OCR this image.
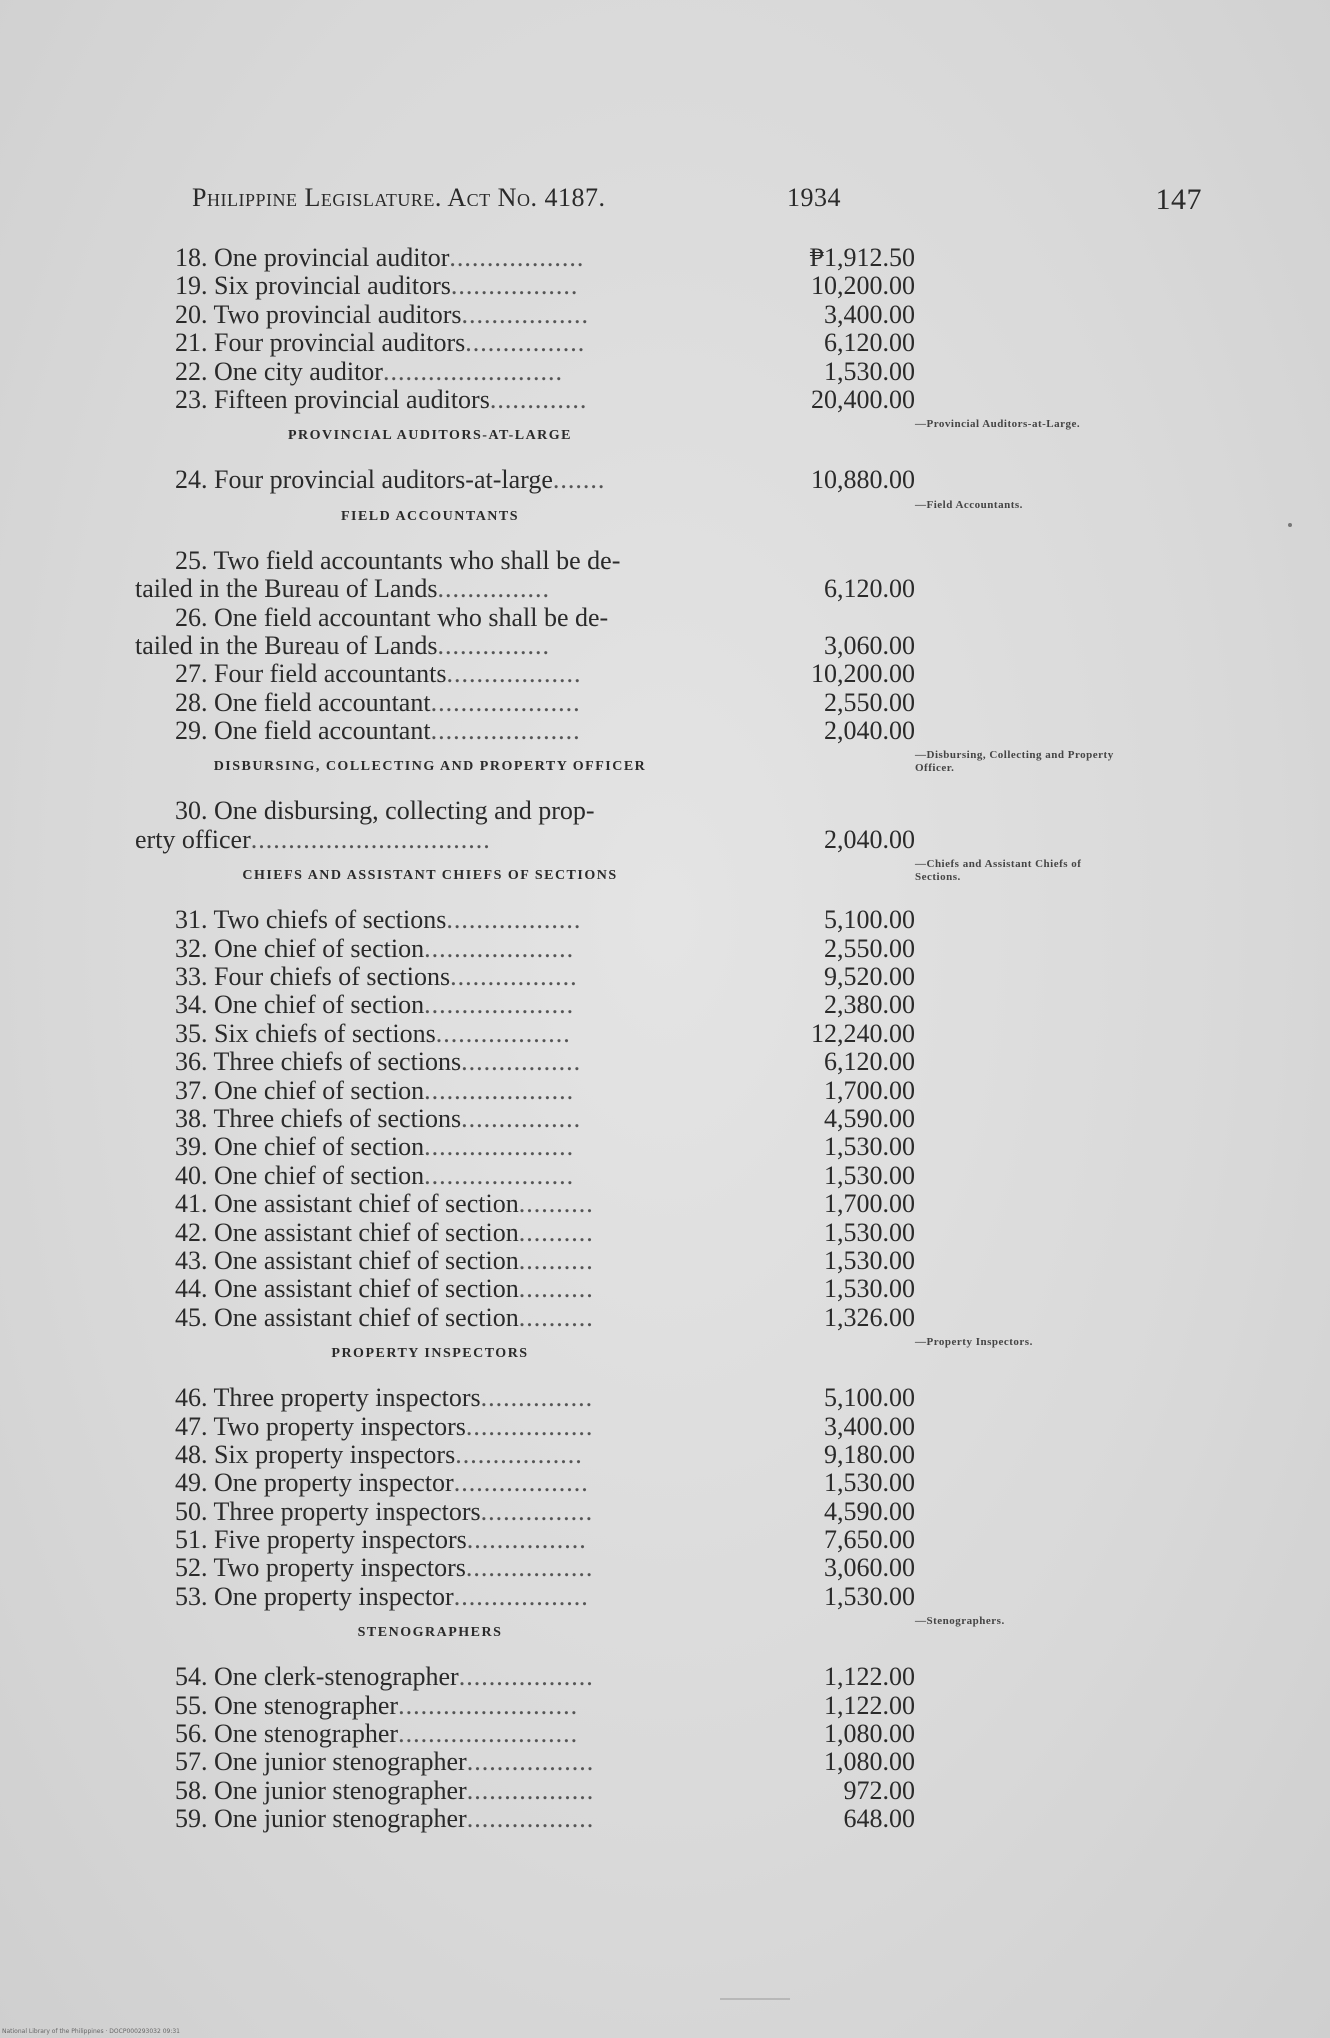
Philippine Legislature. Act No. 4187.	1934	147
18. One provincial auditor..................	₱1,912.50
19. Six provincial auditors.................	10,200.00
20. Two provincial auditors.................	3,400.00
21. Four provincial auditors................	6,120.00
22. One city auditor........................	1,530.00
23. Fifteen provincial auditors.............	20,400.00
PROVINCIAL AUDITORS-AT-LARGE
—Provincial Auditors-at-Large.
24. Four provincial auditors-at-large.......	10,880.00
FIELD ACCOUNTANTS
—Field Accountants.
25. Two field accountants who shall be de-
tailed in the Bureau of Lands...............	6,120.00
26. One field accountant who shall be de-
tailed in the Bureau of Lands...............	3,060.00
27. Four field accountants..................	10,200.00
28. One field accountant....................	2,550.00
29. One field accountant....................	2,040.00
DISBURSING, COLLECTING AND PROPERTY OFFICER
—Disbursing, Collecting and Property Officer.
30. One disbursing, collecting and prop-
erty officer................................	2,040.00
CHIEFS AND ASSISTANT CHIEFS OF SECTIONS
—Chiefs and Assistant Chiefs of Sections.
31. Two chiefs of sections..................	5,100.00
32. One chief of section....................	2,550.00
33. Four chiefs of sections.................	9,520.00
34. One chief of section....................	2,380.00
35. Six chiefs of sections..................	12,240.00
36. Three chiefs of sections................	6,120.00
37. One chief of section....................	1,700.00
38. Three chiefs of sections................	4,590.00
39. One chief of section....................	1,530.00
40. One chief of section....................	1,530.00
41. One assistant chief of section..........	1,700.00
42. One assistant chief of section..........	1,530.00
43. One assistant chief of section..........	1,530.00
44. One assistant chief of section..........	1,530.00
45. One assistant chief of section..........	1,326.00
PROPERTY INSPECTORS
—Property Inspectors.
46. Three property inspectors...............	5,100.00
47. Two property inspectors.................	3,400.00
48. Six property inspectors.................	9,180.00
49. One property inspector..................	1,530.00
50. Three property inspectors...............	4,590.00
51. Five property inspectors................	7,650.00
52. Two property inspectors.................	3,060.00
53. One property inspector..................	1,530.00
STENOGRAPHERS
—Stenographers.
54. One clerk-stenographer..................	1,122.00
55. One stenographer........................	1,122.00
56. One stenographer........................	1,080.00
57. One junior stenographer.................	1,080.00
58. One junior stenographer.................	972.00
59. One junior stenographer.................	648.00
National Library of the Philippines · DOCP000293032 09:31
